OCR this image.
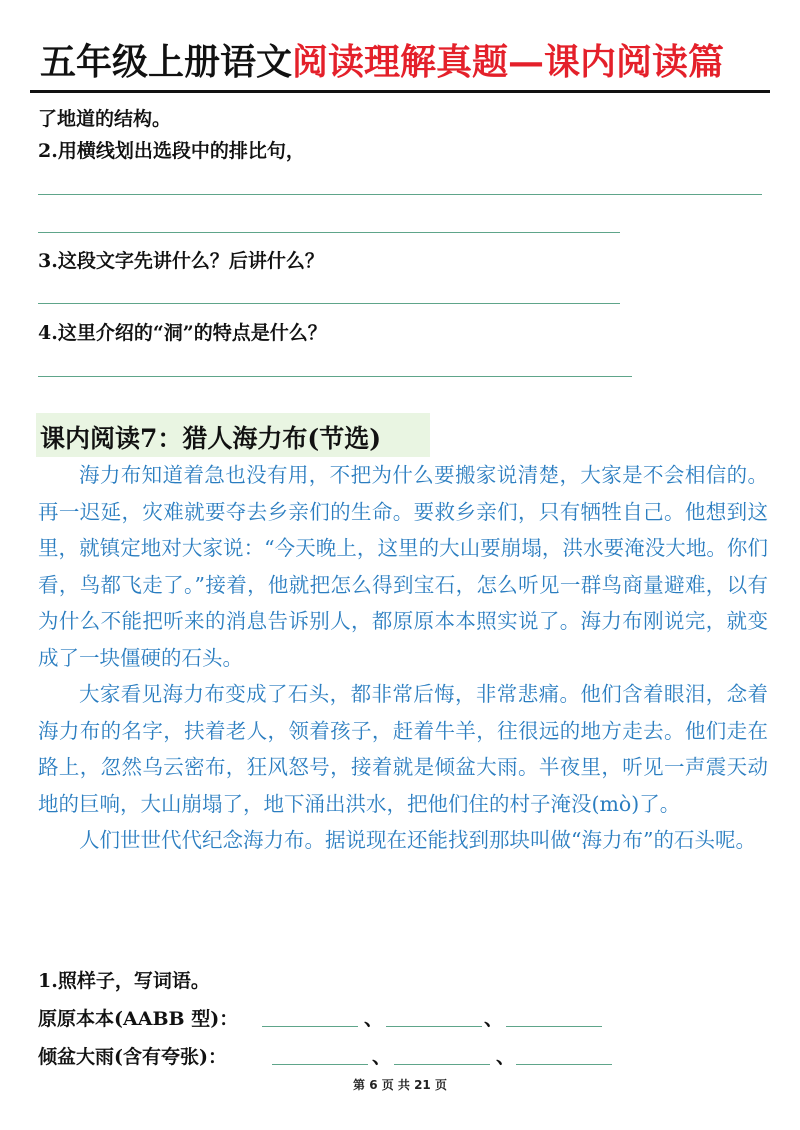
五年级上册语文阅读理解真题—课内阅读篇
了地道的结构。
2.用横线划出选段中的排比句，
3.这段文字先讲什么？后讲什么？
4.这里介绍的“洞”的特点是什么？
课内阅读7：猎人海力布(节选)

海力布知道着急也没有用，不把为什么要搬家说清楚，大家是不会相信的。再一迟延，灾难就要夺去乡亲们的生命。要救乡亲们，只有牺牲自己。他想到这里，就镇定地对大家说：“今天晚上，这里的大山要崩塌，洪水要淹没大地。你们看，鸟都飞走了。”接着，他就把怎么得到宝石，怎么听见一群鸟商量避难，以有为什么不能把听来的消息告诉别人，都原原本本照实说了。海力布刚说完，就变成了一块僵硬的石头。

大家看见海力布变成了石头，都非常后悔，非常悲痛。他们含着眼泪，念着海力布的名字，扶着老人，领着孩子，赶着牛羊，往很远的地方走去。他们走在路上，忽然乌云密布，狂风怒号，接着就是倾盆大雨。半夜里，听见一声震天动地的巨响，大山崩塌了，地下涌出洪水，把他们住的村子淹没(mò)了。

人们世世代代纪念海力布。据说现在还能找到那块叫做“海力布”的石头呢。

1.照样子，写词语。
原原本本(AABB 型)：	、	、
倾盆大雨(含有夸张)：	、	、
第 6 页 共 21 页
